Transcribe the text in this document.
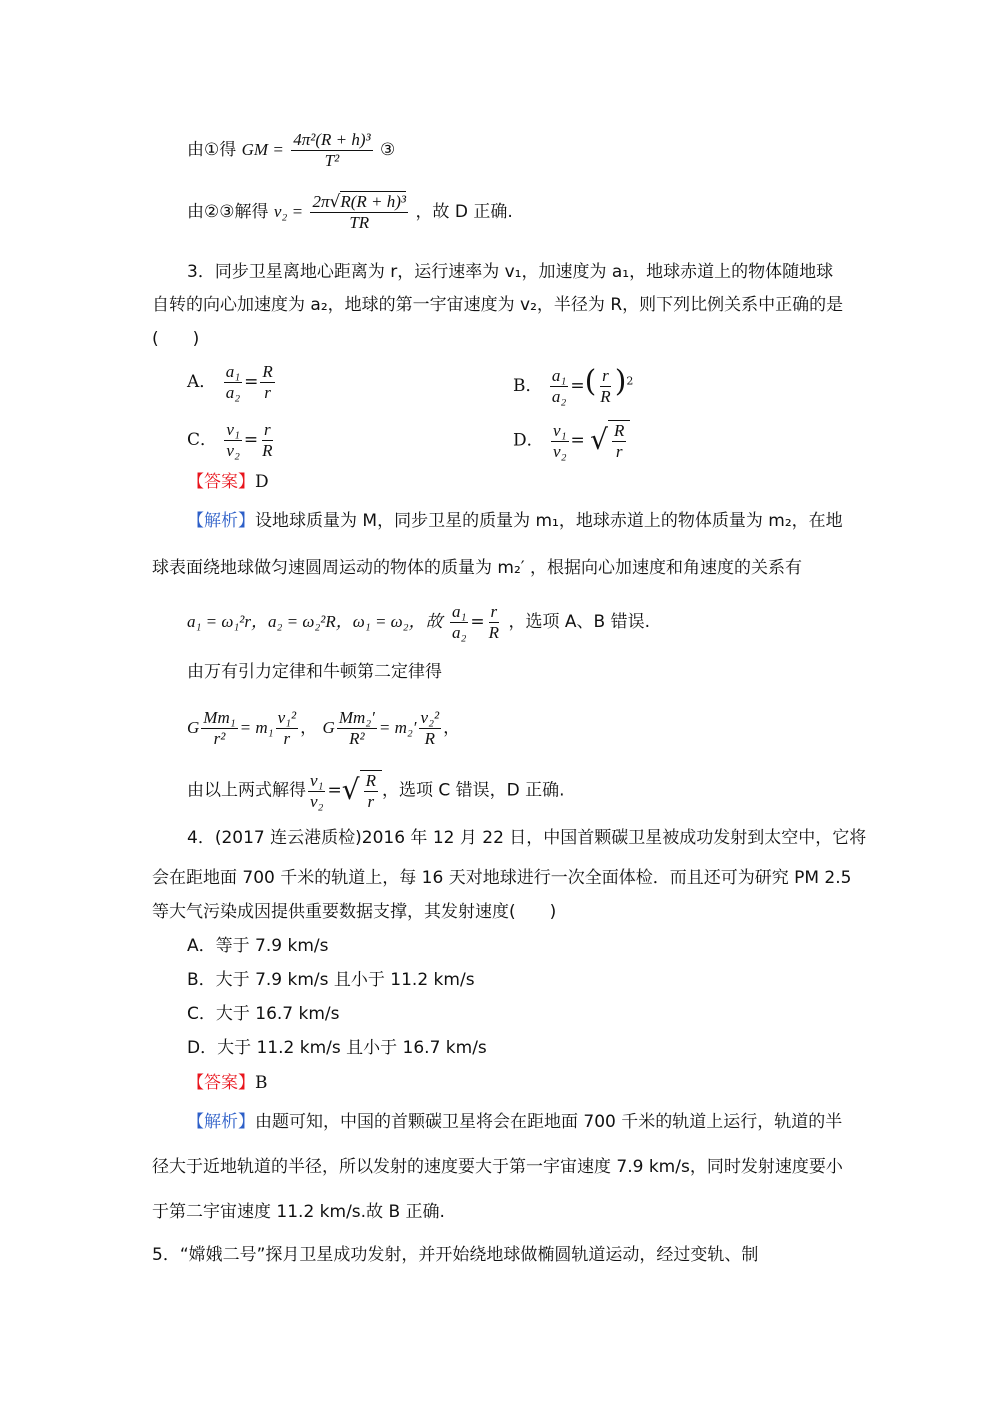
由①得 GM = $\frac{\text{4π²(R + h)³}}{\text{T²}}$ ③
由②③解得 $v_2 = \frac{\text{2π√R(R + h)³}}{TR}$ ，故 D 正确.
3．同步卫星离地心距离为 r，运行速率为 v₁，加速度为 a₁，地球赤道上的物体随地球
自转的向心加速度为 a₂，地球的第一宇宙速度为 v₂，半径为 R，则下列比例关系中正确的是
(　　)
A． $\frac{\text{a₁}}{\text{a₂}} = \frac{R}{r}$	B． $\frac{\text{a₁}}{\text{a₂}}$ =( $\frac{r}{R} )^2$
C． $\frac{\text{v₁}}{\text{v₂}} = \frac{r}{R}$	D． $\frac{\text{v₁}}{\text{v₂}}$ = √ $\frac{R}{r}$
【答案】D
【解析】设地球质量为 M，同步卫星的质量为 m₁，地球赤道上的物体质量为 m₂，在地
球表面绕地球做匀速圆周运动的物体的质量为 m₂′ ，根据向心加速度和角速度的关系有
a₁ = ω₁²r，a₂ = ω₂²R，ω₁ = ω₂，故 $\frac{\text{a₁}}{\text{a₂}} = \frac{r}{R}$ ，选项 A、B 错误.
由万有引力定律和牛顿第二定律得
G $\frac{\text{Mm₁}}{\text{r²}} = m_1 \frac{\text{v₁²}}{r}$ ， G $\frac{\text{Mm₂′}}{\text{R²}} = m_2' \frac{\text{v₂²}}{R}$ ，
由以上两式解得 $\frac{\text{v₁}}{\text{v₂}}$ = √ $\frac{R}{r}$ ，选项 C 错误，D 正确.
4．(2017 连云港质检)2016 年 12 月 22 日，中国首颗碳卫星被成功发射到太空中，它将
会在距地面 700 千米的轨道上，每 16 天对地球进行一次全面体检．而且还可为研究 PM 2.5
等大气污染成因提供重要数据支撑，其发射速度(　　)
A．等于 7.9 km/s
B．大于 7.9 km/s 且小于 11.2 km/s
C．大于 16.7 km/s
D．大于 11.2 km/s 且小于 16.7 km/s
【答案】B
【解析】由题可知，中国的首颗碳卫星将会在距地面 700 千米的轨道上运行，轨道的半
径大于近地轨道的半径，所以发射的速度要大于第一宇宙速度 7.9 km/s，同时发射速度要小
于第二宇宙速度 11.2 km/s.故 B 正确.
5．“嫦娥二号”探月卫星成功发射，并开始绕地球做椭圆轨道运动，经过变轨、制
